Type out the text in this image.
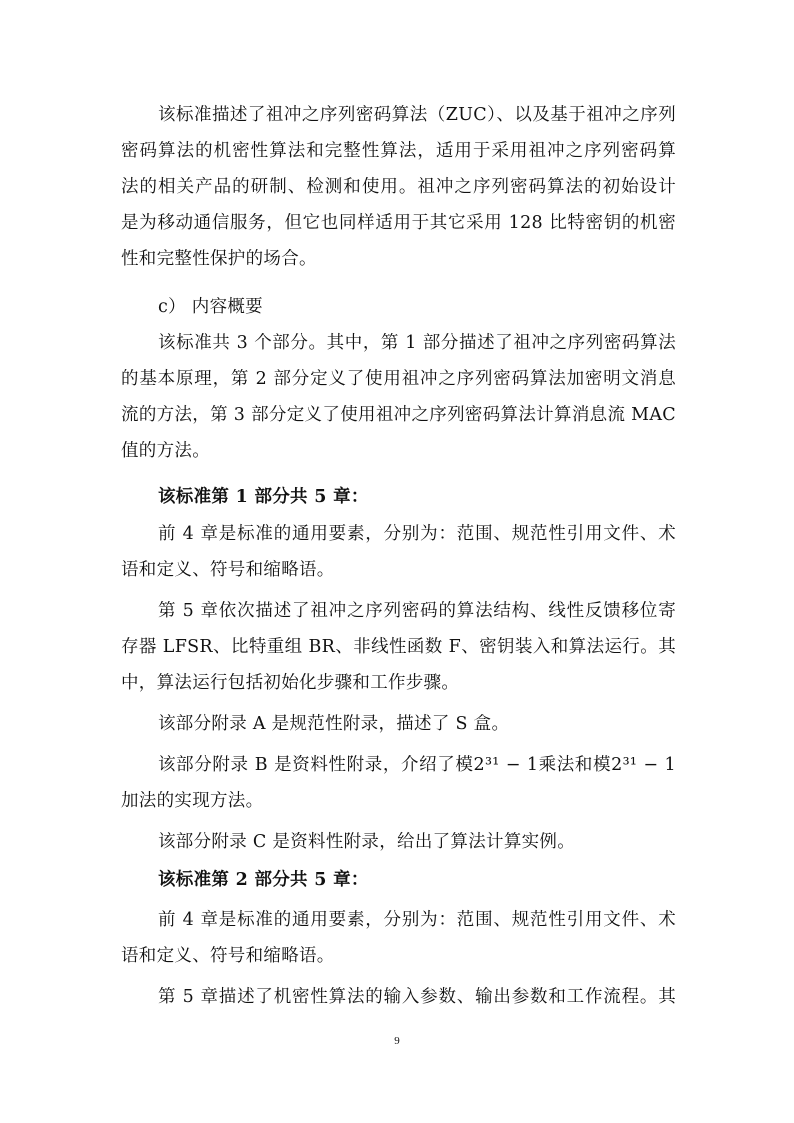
该标准描述了祖冲之序列密码算法（ZUC）、以及基于祖冲之序列
密码算法的机密性算法和完整性算法，适用于采用祖冲之序列密码算
法的相关产品的研制、检测和使用。祖冲之序列密码算法的初始设计
是为移动通信服务，但它也同样适用于其它采用 128 比特密钥的机密
性和完整性保护的场合。
c） 内容概要
该标准共 3 个部分。其中，第 1 部分描述了祖冲之序列密码算法
的基本原理，第 2 部分定义了使用祖冲之序列密码算法加密明文消息
流的方法，第 3 部分定义了使用祖冲之序列密码算法计算消息流 MAC
值的方法。
该标准第 1 部分共 5 章：
前 4 章是标准的通用要素，分别为：范围、规范性引用文件、术
语和定义、符号和缩略语。
第 5 章依次描述了祖冲之序列密码的算法结构、线性反馈移位寄
存器 LFSR、比特重组 BR、非线性函数 F、密钥装入和算法运行。其
中，算法运行包括初始化步骤和工作步骤。
该部分附录 A 是规范性附录，描述了 S 盒。
该部分附录 B 是资料性附录，介绍了模2³¹ − 1乘法和模2³¹ − 1
加法的实现方法。
该部分附录 C 是资料性附录，给出了算法计算实例。
该标准第 2 部分共 5 章：
前 4 章是标准的通用要素，分别为：范围、规范性引用文件、术
语和定义、符号和缩略语。
第 5 章描述了机密性算法的输入参数、输出参数和工作流程。其
9
